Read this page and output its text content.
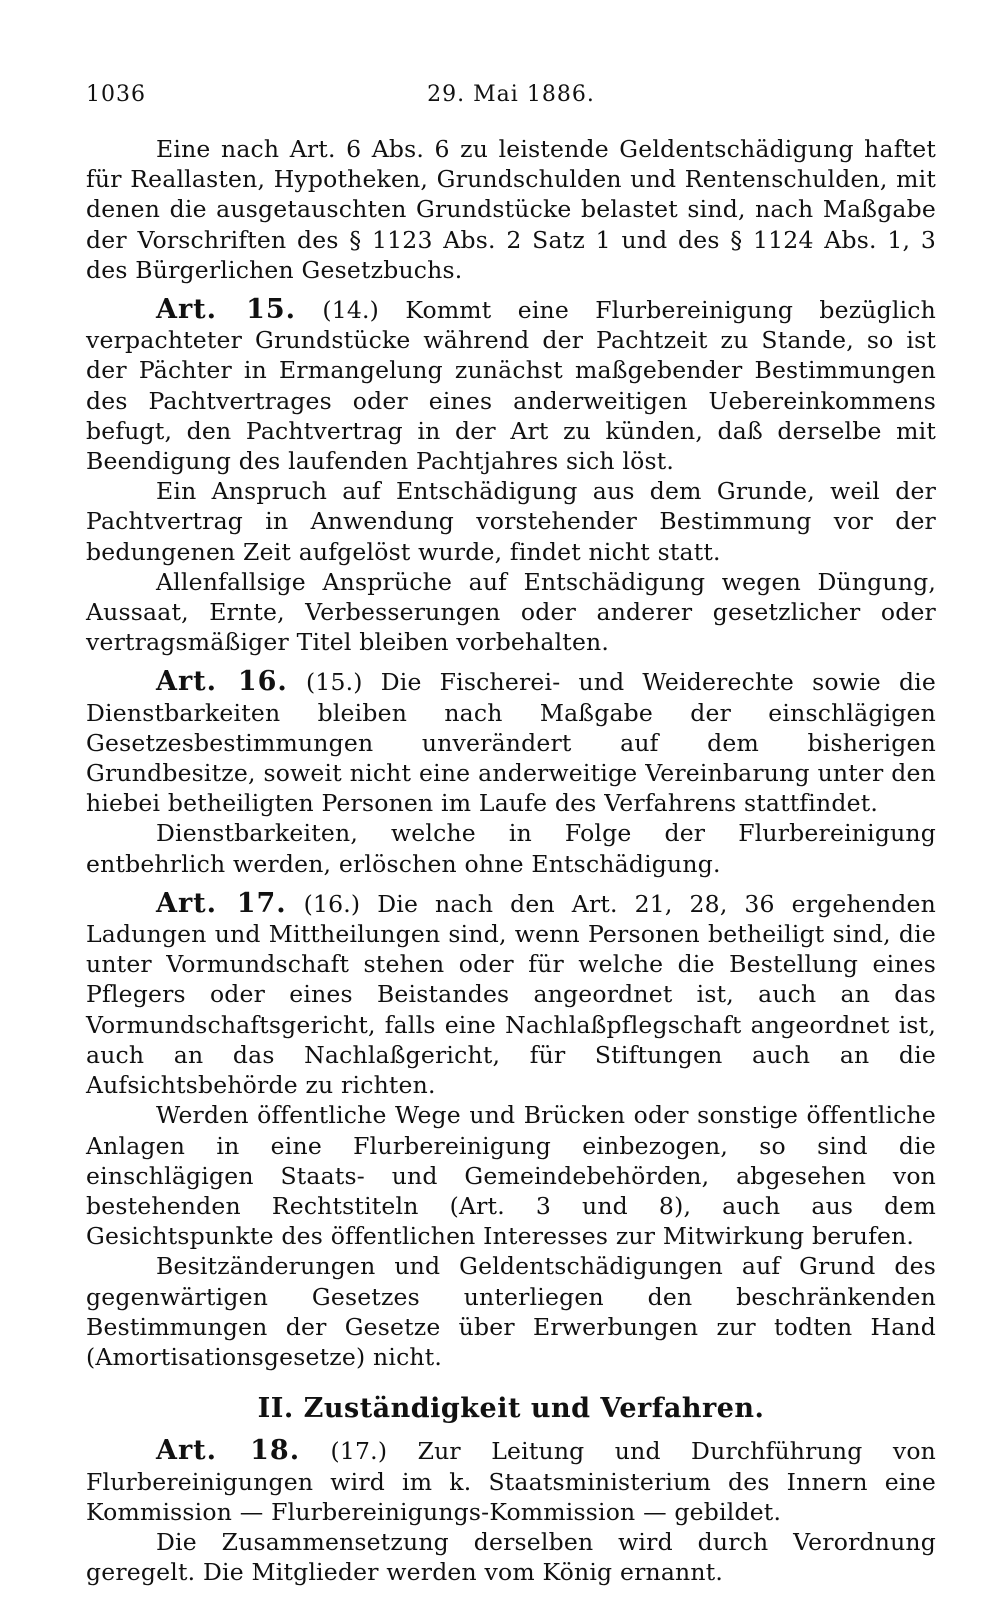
1036	29. Mai 1886.

Eine nach Art. 6 Abs. 6 zu leistende Geldentschädigung haftet für Reallasten, Hypotheken, Grundschulden und Rentenschulden, mit denen die ausgetauschten Grundstücke belastet sind, nach Maßgabe der Vorschriften des § 1123 Abs. 2 Satz 1 und des § 1124 Abs. 1, 3 des Bürgerlichen Gesetzbuchs.

Art. 15. (14.) Kommt eine Flurbereinigung bezüglich verpachteter Grundstücke während der Pachtzeit zu Stande, so ist der Pächter in Ermangelung zunächst maßgebender Bestimmungen des Pachtvertrages oder eines anderweitigen Uebereinkommens befugt, den Pachtvertrag in der Art zu künden, daß derselbe mit Beendigung des laufenden Pachtjahres sich löst.

Ein Anspruch auf Entschädigung aus dem Grunde, weil der Pachtvertrag in Anwendung vorstehender Bestimmung vor der bedungenen Zeit aufgelöst wurde, findet nicht statt.

Allenfallsige Ansprüche auf Entschädigung wegen Düngung, Aussaat, Ernte, Verbesserungen oder anderer gesetzlicher oder vertragsmäßiger Titel bleiben vorbehalten.

Art. 16. (15.) Die Fischerei- und Weiderechte sowie die Dienstbarkeiten bleiben nach Maßgabe der einschlägigen Gesetzesbestimmungen unverändert auf dem bisherigen Grundbesitze, soweit nicht eine anderweitige Vereinbarung unter den hiebei betheiligten Personen im Laufe des Verfahrens stattfindet.

Dienstbarkeiten, welche in Folge der Flurbereinigung entbehrlich werden, erlöschen ohne Entschädigung.

Art. 17. (16.) Die nach den Art. 21, 28, 36 ergehenden Ladungen und Mittheilungen sind, wenn Personen betheiligt sind, die unter Vormundschaft stehen oder für welche die Bestellung eines Pflegers oder eines Beistandes angeordnet ist, auch an das Vormundschaftsgericht, falls eine Nachlaßpflegschaft angeordnet ist, auch an das Nachlaßgericht, für Stiftungen auch an die Aufsichtsbehörde zu richten.

Werden öffentliche Wege und Brücken oder sonstige öffentliche Anlagen in eine Flurbereinigung einbezogen, so sind die einschlägigen Staats- und Gemeindebehörden, abgesehen von bestehenden Rechtstiteln (Art. 3 und 8), auch aus dem Gesichtspunkte des öffentlichen Interesses zur Mitwirkung berufen.

Besitzänderungen und Geldentschädigungen auf Grund des gegenwärtigen Gesetzes unterliegen den beschränkenden Bestimmungen der Gesetze über Erwerbungen zur todten Hand (Amortisationsgesetze) nicht.

II. Zuständigkeit und Verfahren.

Art. 18. (17.) Zur Leitung und Durchführung von Flurbereinigungen wird im k. Staatsministerium des Innern eine Kommission — Flurbereinigungs-Kommission — gebildet.

Die Zusammensetzung derselben wird durch Verordnung geregelt. Die Mitglieder werden vom König ernannt.
